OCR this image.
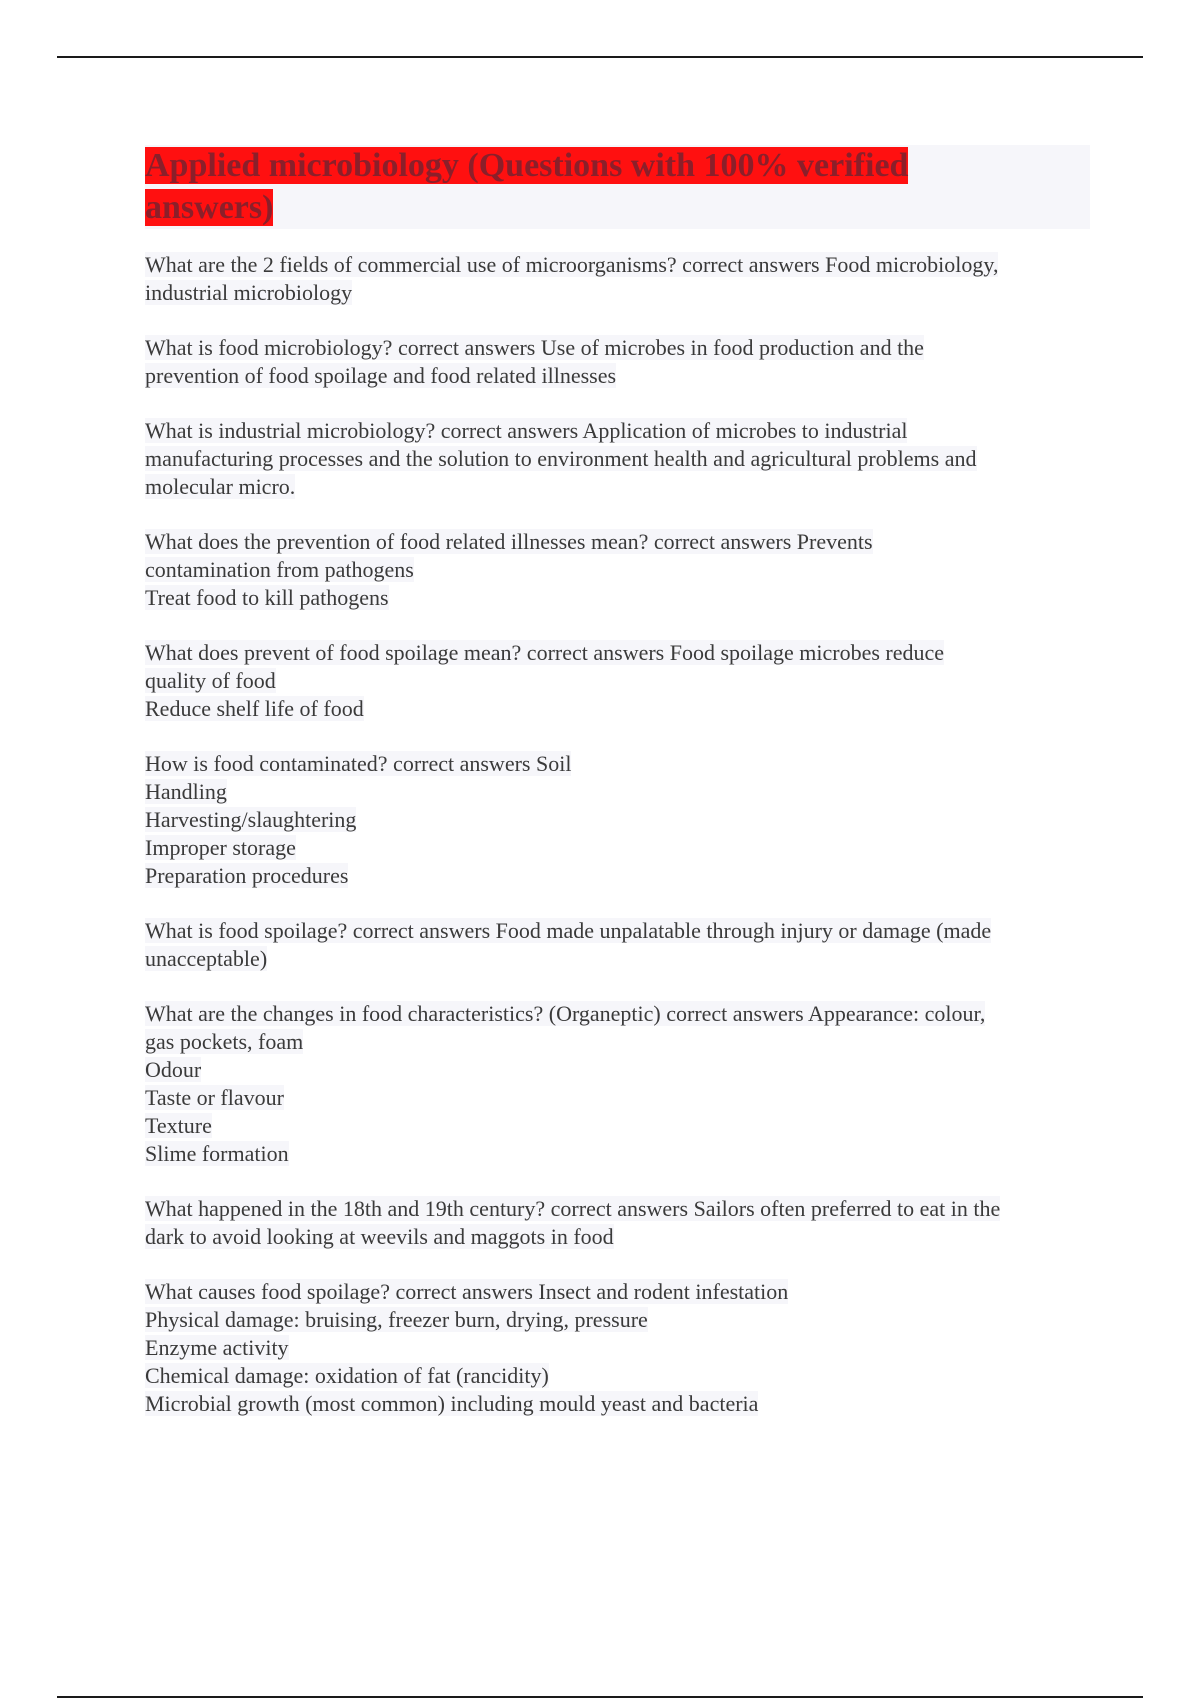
Applied microbiology (Questions with 100% verified answers)

What are the 2 fields of commercial use of microorganisms? correct answers Food microbiology,

industrial microbiology

What is food microbiology? correct answers Use of microbes in food production and the

prevention of food spoilage and food related illnesses

What is industrial microbiology? correct answers Application of microbes to industrial

manufacturing processes and the solution to environment health and agricultural problems and

molecular micro.

What does the prevention of food related illnesses mean? correct answers Prevents

contamination from pathogens

Treat food to kill pathogens

What does prevent of food spoilage mean? correct answers Food spoilage microbes reduce

quality of food

Reduce shelf life of food

How is food contaminated? correct answers Soil

Handling

Harvesting/slaughtering

Improper storage

Preparation procedures

What is food spoilage? correct answers Food made unpalatable through injury or damage (made

unacceptable)

What are the changes in food characteristics? (Organeptic) correct answers Appearance: colour,

gas pockets, foam

Odour

Taste or flavour

Texture

Slime formation

What happened in the 18th and 19th century? correct answers Sailors often preferred to eat in the

dark to avoid looking at weevils and maggots in food

What causes food spoilage? correct answers Insect and rodent infestation

Physical damage: bruising, freezer burn, drying, pressure

Enzyme activity

Chemical damage: oxidation of fat (rancidity)

Microbial growth (most common) including mould yeast and bacteria
